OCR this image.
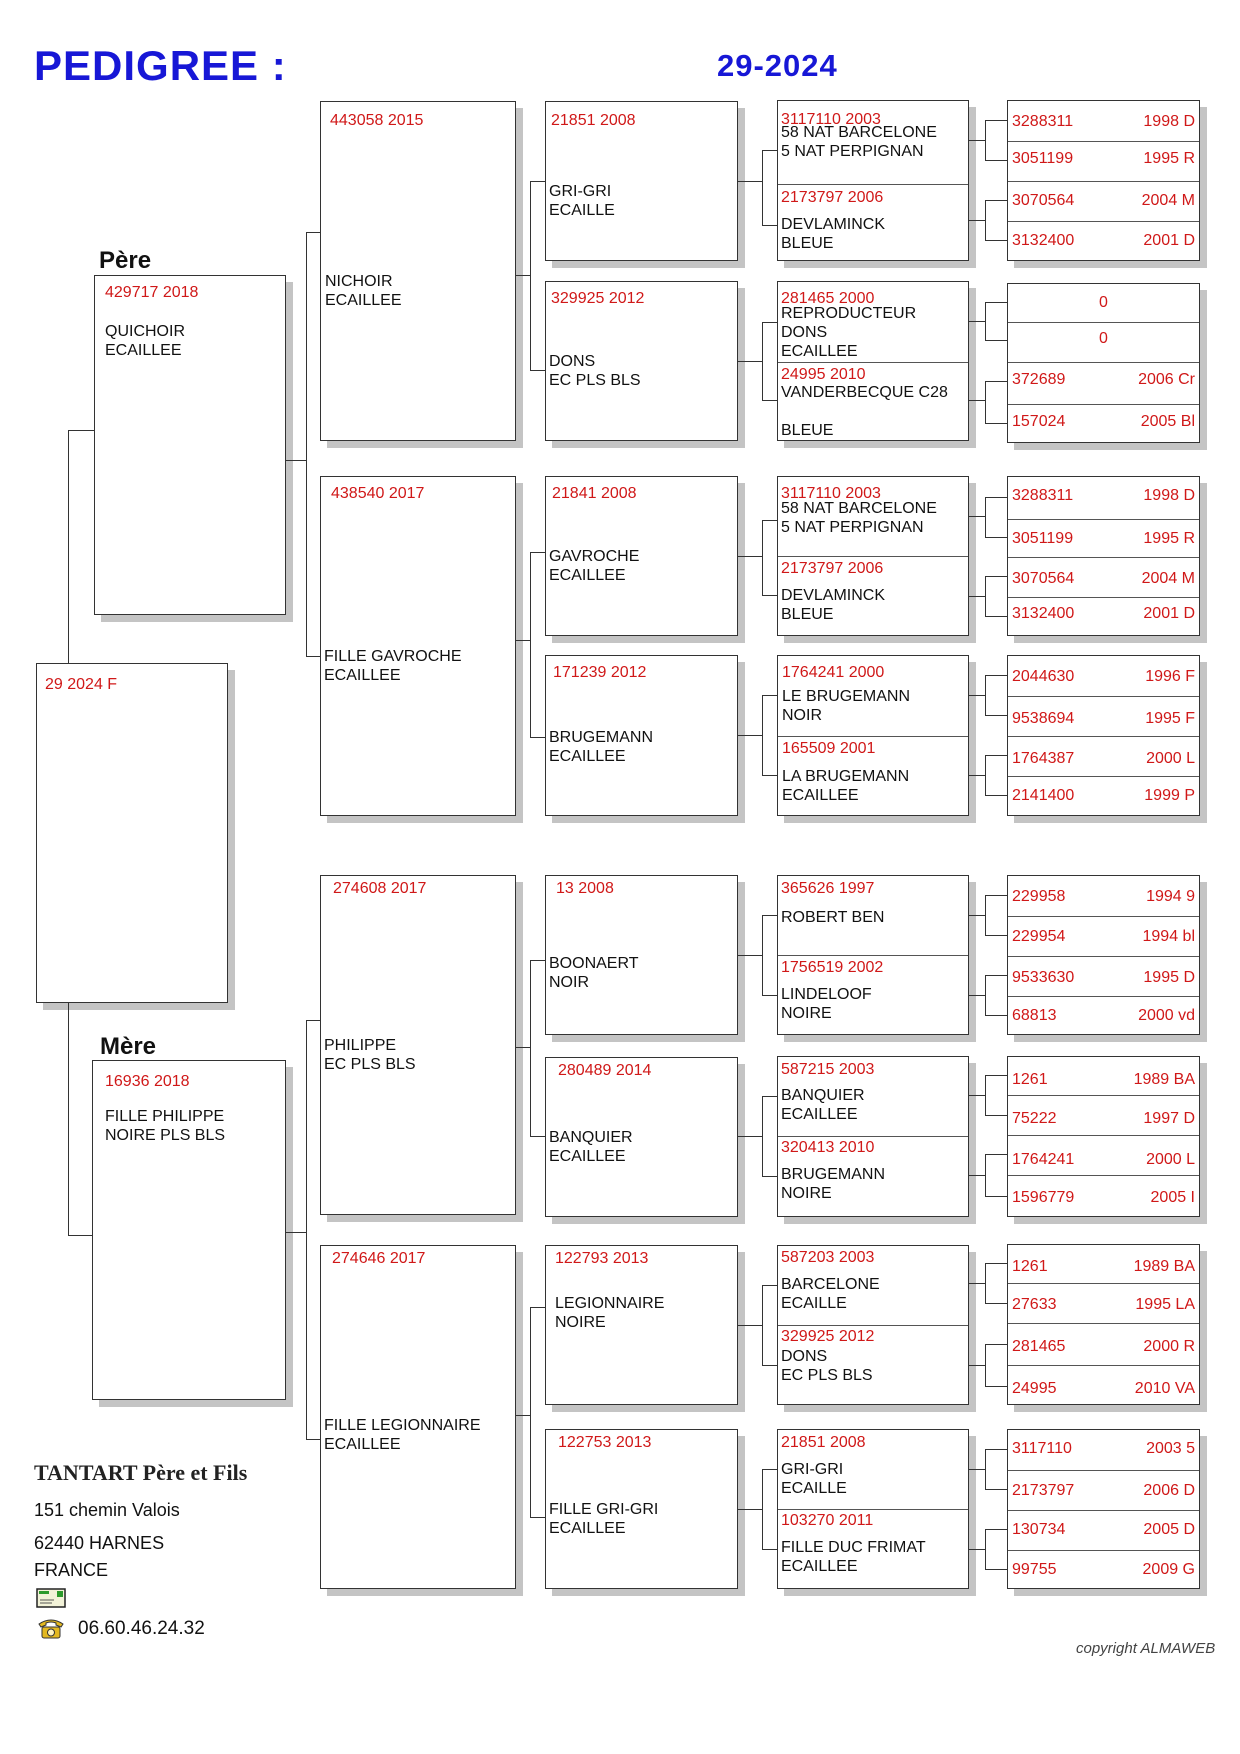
PEDIGREE :	29-2024
Père
Mère
29 2024 F
429717 2018
QUICHOIR
ECAILLEE
16936 2018
FILLE PHILIPPE
NOIRE PLS BLS
443058 2015
NICHOIR
ECAILLEE
438540 2017
FILLE GAVROCHE
ECAILLEE
274608 2017
PHILIPPE
EC PLS BLS
274646 2017
FILLE LEGIONNAIRE
ECAILLEE
21851 2008
GRI-GRI
ECAILLE
329925 2012
DONS
EC PLS BLS
21841 2008
GAVROCHE
ECAILLEE
171239 2012
BRUGEMANN
ECAILLEE
13 2008
BOONAERT
NOIR
280489 2014
BANQUIER
ECAILLEE
122793 2013
LEGIONNAIRE
NOIRE
122753 2013
FILLE GRI-GRI
ECAILLEE
3117110 2003
58 NAT BARCELONE
5 NAT PERPIGNAN
2173797 2006
DEVLAMINCK
BLEUE
281465 2000
REPRODUCTEUR
DONS
ECAILLEE
24995 2010
VANDERBECQUE C28

BLEUE
3117110 2003
58 NAT BARCELONE
5 NAT PERPIGNAN
2173797 2006
DEVLAMINCK
BLEUE
1764241 2000
LE BRUGEMANN
NOIR
165509 2001
LA BRUGEMANN
ECAILLEE
365626 1997
ROBERT BEN
1756519 2002
LINDELOOF
NOIRE
587215 2003
BANQUIER
ECAILLEE
320413 2010
BRUGEMANN
NOIRE
587203 2003
BARCELONE
ECAILLE
329925 2012
DONS
EC PLS BLS
21851 2008
GRI-GRI
ECAILLE
103270 2011
FILLE DUC FRIMAT
ECAILLEE
3288311	1998 D
3051199	1995 R
3070564	2004 M
3132400	2001 D
0
0
372689	2006 Cr
157024	2005 Bl
3288311	1998 D
3051199	1995 R
3070564	2004 M
3132400	2001 D
2044630	1996 F
9538694	1995 F
1764387	2000 L
2141400	1999 P
229958	1994 9
229954	1994 bl
9533630	1995 D
68813	2000 vd
1261	1989 BA
75222	1997 D
1764241	2000 L
1596779	2005 I
1261	1989 BA
27633	1995 LA
281465	2000 R
24995	2010 VA
3117110	2003 5
2173797	2006 D
130734	2005 D
99755	2009 G
TANTART Père et Fils
151 chemin Valois
62440 HARNES
FRANCE
06.60.46.24.32
copyright ALMAWEB
